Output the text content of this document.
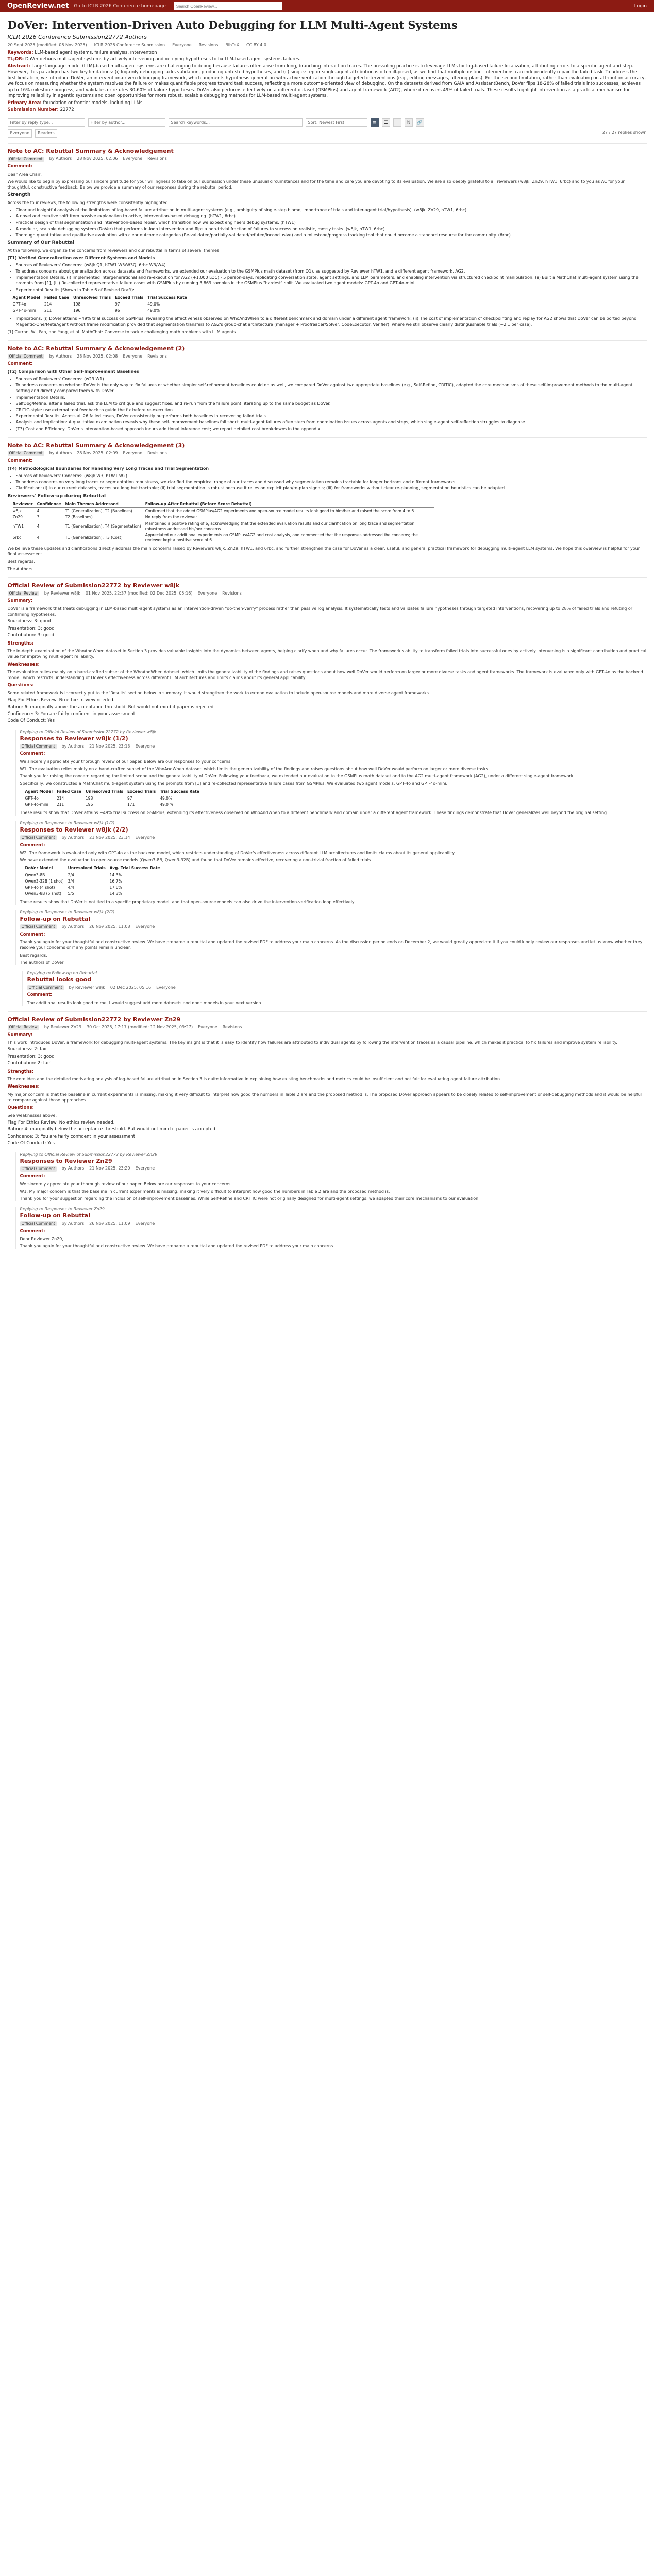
OpenReview.net Go to ICLR 2026 Conference homepage
Search OpenReview...	Login
DoVer: Intervention-Driven Auto Debugging for LLM Multi-Agent Systems
ICLR 2026 Conference Submission22772 Authors
20 Sept 2025 (modified: 06 Nov 2025) ICLR 2026 Conference Submission Everyone Revisions BibTeX CC BY 4.0
Keywords: LLM-based agent systems, failure analysis, intervention
TL;DR: DoVer debugs multi-agent systems by actively intervening and verifying hypotheses to fix LLM-based agent systems failures.
Abstract: Large language model (LLM)-based multi-agent systems are challenging to debug because failures often arise from long, branching interaction traces. The prevailing practice is to leverage LLMs for log-based failure localization, attributing errors to a specific agent and step. However, this paradigm has two key limitations: (i) log-only debugging lacks validation, producing untested hypotheses, and (ii) single-step or single-agent attribution is often ill-posed, as we find that multiple distinct interventions can independently repair the failed task. To address the first limitation, we introduce DoVer, an intervention-driven debugging framework, which augments hypothesis generation with active verification through targeted interventions (e.g., editing messages, altering plans). For the second limitation, rather than evaluating on attribution accuracy, we focus on measuring whether the system resolves the failure or makes quantifiable progress toward task success, reflecting a more outcome-oriented view of debugging. On the datasets derived from GAIA and AssistantBench, DoVer flips 18-28% of failed trials into successes, achieves up to 16% milestone progress, and validates or refutes 30-60% of failure hypotheses. DoVer also performs effectively on a different dataset (GSMPlus) and agent framework (AG2), where it recovers 49% of failed trials. These results highlight intervention as a practical mechanism for improving reliability in agentic systems and open opportunities for more robust, scalable debugging methods for LLM-based multi-agent systems.
Primary Area: foundation or frontier models, including LLMs
Submission Number: 22772
Filter by reply type...	Filter by author...	Search keywords...	Sort: Newest First	≡	☰	⋮	⇅	🔗
Everyone	Readers	27 / 27 replies shown
Note to AC: Rebuttal Summary & Acknowledgement
Official Comment	by Authors 28 Nov 2025, 02:06 Everyone Revisions
Comment:
Dear Area Chair,
We would like to begin by expressing our sincere gratitude for your willingness to take on our submission under these unusual circumstances and for the time and care you are devoting to its evaluation. We are also deeply grateful to all reviewers (w8jk, Zn29, hTW1, 6rbc) and to you as AC for your thoughtful, constructive feedback. Below we provide a summary of our responses during the rebuttal period.
Strength
Across the four reviews, the following strengths were consistently highlighted:
• Clear and insightful analysis of the limitations of log-based failure attribution in multi-agent systems (e.g., ambiguity of single-step blame, importance of trials and inter-agent trial/hypothesis). (w8jk, Zn29, hTW1, 6rbc)
• A novel and creative shift from passive explanation to active, intervention-based debugging. (hTW1, 6rbc)
• Practical design of trial segmentation and intervention-based repair, which transition how we expect engineers debug systems. (hTW1)
• A modular, scalable debugging system (DoVer) that performs in-loop intervention and flips a non-trivial fraction of failures to success on realistic, messy tasks. (w8jk, hTW1, 6rbc)
• Thorough quantitative and qualitative evaluation with clear outcome categories (Re-validated/partially-validated/refuted/inconclusive) and a milestone/progress tracking tool that could become a standard resource for the community. (6rbc)
Summary of Our Rebuttal
At the following, we organize the concerns from reviewers and our rebuttal in terms of several themes:
(T1) Verified Generalization over Different Systems and Models
• Sources of Reviewers' Concerns: (w8jk Q1, hTW1 W3/W3Q, 6rbc W3/W4)
• To address concerns about generalization across datasets and frameworks, we extended our evaluation to the GSMPlus math dataset (from Q1), as suggested by Reviewer hTW1, and a different agent framework, AG2.
• Implementation Details: (i) Implemented intergenerational and re-execution for AG2 (+1,000 LOC) - 5 person-days, replicating conversation state, agent settings, and LLM parameters, and enabling intervention via structured checkpoint manipulation; (ii) Built a MathChat multi-agent system using the prompts from [1], (iii) Re-collected representative failure cases with GSMPlus by running 3,869 samples in the GSMPlus "hardest" split. We evaluated two agent models: GPT-4o and GPT-4o-mini.
• Experimental Results (Shown in Table 6 of Revised Draft):
Agent Model	Failed Case	Unresolved Trials	Exceed Trials	Trial Success Rate
GPT-4o	214	198	97	49.0%
GPT-4o-mini	211	196	96	49.0%
• Implications: (i) DoVer attains ~49% trial success on GSMPlus, revealing the effectiveness observed on WhoAndWhen to a different benchmark and domain under a different agent framework. (ii) The cost of implementation of checkpointing and replay for AG2 shows that DoVer can be ported beyond Magentic-One/MetaAgent without frame modification provided that segmentation transfers to AG2's group-chat architecture (manager + Proofreader/Solver, CodeExecutor, Verifier), where we still observe clearly distinguishable trials (~2.1 per case).
[1] Curran, Wi, Fan, and Yang, et al. MathChat: Converse to tackle challenging math problems with LLM agents.
Note to AC: Rebuttal Summary & Acknowledgement (2)
Official Comment	by Authors 28 Nov 2025, 02:08 Everyone Revisions
Comment:
(T2) Comparison with Other Self-Improvement Baselines
• Sources of Reviewers' Concerns: (w29 W1)
• To address concerns on whether DoVer is the only way to fix failures or whether simpler self-refinement baselines could do as well, we compared DoVer against two appropriate baselines (e.g., Self-Refine, CRITIC), adapted the core mechanisms of these self-improvement methods to the multi-agent setting and directly compared them with DoVer.
• Implementation Details:
• SelfDbg/Refine: after a failed trial, ask the LLM to critique and suggest fixes, and re-run from the failure point, iterating up to the same budget as DoVer.
• CRITIC-style: use external tool feedback to guide the fix before re-execution.
• Experimental Results: Across all 26 failed cases, DoVer consistently outperforms both baselines in recovering failed trials.
• Analysis and Implication: A qualitative examination reveals why these self-improvement baselines fall short: multi-agent failures often stem from coordination issues across agents and steps, which single-agent self-reflection struggles to diagnose.
• (T3) Cost and Efficiency: DoVer's intervention-based approach incurs additional inference cost; we report detailed cost breakdowns in the appendix.
Note to AC: Rebuttal Summary & Acknowledgement (3)
Official Comment	by Authors 28 Nov 2025, 02:09 Everyone Revisions
Comment:
(T4) Methodological Boundaries for Handling Very Long Traces and Trial Segmentation
• Sources of Reviewers' Concerns: (w8jk W3, hTW1 W2)
• To address concerns on very long traces or segmentation robustness, we clarified the empirical range of our traces and discussed why segmentation remains tractable for longer horizons and different frameworks.
• Clarification: (i) In our current datasets, traces are long but tractable; (ii) trial segmentation is robust because it relies on explicit plan/re-plan signals; (iii) for frameworks without clear re-planning, segmentation heuristics can be adapted.
Reviewers' Follow-up during Rebuttal
Reviewer	Confidence	Main Themes Addressed	Follow-up After Rebuttal (Before Score Rebuttal)
w8jk	4	T1 (Generalization), T2 (Baselines)	Confirmed that the added GSMPlus/AG2 experiments and open-source model results look good to him/her and raised the score from 4 to 6.
Zn29	3	T2 (Baselines)	No reply from the reviewer.
hTW1	4	T1 (Generalization), T4 (Segmentation)	Maintained a positive rating of 6, acknowledging that the extended evaluation results and our clarification on long trace and segmentation robustness addressed his/her concerns.
6rbc	4	T1 (Generalization), T3 (Cost)	Appreciated our additional experiments on GSMPlus/AG2 and cost analysis, and commented that the responses addressed the concerns; the reviewer kept a positive score of 6.
We believe these updates and clarifications directly address the main concerns raised by Reviewers w8jk, Zn29, hTW1, and 6rbc, and further strengthen the case for DoVer as a clear, useful, and general practical framework for debugging multi-agent LLM systems. We hope this overview is helpful for your final assessment.
Best regards,
The Authors
Official Review of Submission22772 by Reviewer w8jk
Official Review	by Reviewer w8jk 01 Nov 2025, 22:37 (modified: 02 Dec 2025, 05:16) Everyone Revisions
Summary:
DoVer is a framework that treats debugging in LLM-based multi-agent systems as an intervention-driven "do-then-verify" process rather than passive log analysis. It systematically tests and validates failure hypotheses through targeted interventions, recovering up to 28% of failed trials and refuting or confirming hypotheses.
Soundness: 3: good
Presentation: 3: good
Contribution: 3: good
Strengths:
The in-depth examination of the WhoAndWhen dataset in Section 3 provides valuable insights into the dynamics between agents, helping clarify when and why failures occur. The framework's ability to transform failed trials into successful ones by actively intervening is a significant contribution and practical value for improving multi-agent reliability.
Weaknesses:
The evaluation relies mainly on a hand-crafted subset of the WhoAndWhen dataset, which limits the generalizability of the findings and raises questions about how well DoVer would perform on larger or more diverse tasks and agent frameworks. The framework is evaluated only with GPT-4o as the backend model, which restricts understanding of DoVer's effectiveness across different LLM architectures and limits claims about its general applicability.
Questions:
Some related framework is incorrectly put to the 'Results' section below in summary. It would strengthen the work to extend evaluation to include open-source models and more diverse agent frameworks.
Flag For Ethics Review: No ethics review needed.
Rating: 6: marginally above the acceptance threshold. But would not mind if paper is rejected
Confidence: 3: You are fairly confident in your assessment.
Code Of Conduct: Yes
Replying to Official Review of Submission22772 by Reviewer w8jk
Responses to Reviewer w8jk (1/2)
Official Comment	by Authors 21 Nov 2025, 23:13 Everyone
Comment:
We sincerely appreciate your thorough review of our paper. Below are our responses to your concerns:
W1. The evaluation relies mainly on a hand-crafted subset of the WhoAndWhen dataset, which limits the generalizability of the findings and raises questions about how well DoVer would perform on larger or more diverse tasks.
Thank you for raising the concern regarding the limited scope and the generalizability of DoVer. Following your feedback, we extended our evaluation to the GSMPlus math dataset and to the AG2 multi-agent framework (AG2), under a different single-agent framework.
Specifically, we constructed a MathChat multi-agent system using the prompts from [1] and re-collected representative failure cases from GSMPlus. We evaluated two agent models: GPT-4o and GPT-4o-mini.
Agent Model	Failed Case	Unresolved Trials	Exceed Trials	Trial Success Rate
GPT-4o	214	198	97	49.0%
GPT-4o-mini	211	196	171	49.0 %
These results show that DoVer attains ~49% trial success on GSMPlus, extending its effectiveness observed on WhoAndWhen to a different benchmark and domain under a different agent framework. These findings demonstrate that DoVer generalizes well beyond the original setting.
Replying to Responses to Reviewer w8jk (1/2)
Responses to Reviewer w8jk (2/2)
Official Comment	by Authors 21 Nov 2025, 23:14 Everyone
Comment:
W2. The framework is evaluated only with GPT-4o as the backend model, which restricts understanding of DoVer's effectiveness across different LLM architectures and limits claims about its general applicability.
We have extended the evaluation to open-source models (Qwen3-8B, Qwen3-32B) and found that DoVer remains effective, recovering a non-trivial fraction of failed trials.
DoVer Model	Unresolved Trials	Avg. Trial Success Rate
Qwen3-8B	2/4	14.3%
Qwen3-32B (1 shot)	3/4	16.7%
GPT-4o (4 shot)	4/4	17.6%
Qwen3-8B (5 shot)	5/5	14.3%
These results show that DoVer is not tied to a specific proprietary model, and that open-source models can also drive the intervention-verification loop effectively.
Replying to Responses to Reviewer w8jk (2/2)
Follow-up on Rebuttal
Official Comment	by Authors 26 Nov 2025, 11:08 Everyone
Comment:
Thank you again for your thoughtful and constructive review. We have prepared a rebuttal and updated the revised PDF to address your main concerns. As the discussion period ends on December 2, we would greatly appreciate it if you could kindly review our responses and let us know whether they resolve your concerns or if any points remain unclear.
Best regards,
The authors of DoVer
Replying to Follow-up on Rebuttal
Rebuttal looks good
Official Comment	by Reviewer w8jk 02 Dec 2025, 05:16 Everyone
Comment:
The additional results look good to me, I would suggest add more datasets and open models in your next version.
Official Review of Submission22772 by Reviewer Zn29
Official Review	by Reviewer Zn29 30 Oct 2025, 17:17 (modified: 12 Nov 2025, 09:27) Everyone Revisions
Summary:
This work introduces DoVer, a framework for debugging multi-agent systems. The key insight is that it is easy to identify how failures are attributed to individual agents by following the intervention traces as a causal pipeline, which makes it practical to fix failures and improve system reliability.
Soundness: 2: fair
Presentation: 3: good
Contribution: 2: fair
Strengths:
The core idea and the detailed motivating analysis of log-based failure attribution in Section 3 is quite informative in explaining how existing benchmarks and metrics could be insufficient and not fair for evaluating agent failure attribution.
Weaknesses:
My major concern is that the baseline in current experiments is missing, making it very difficult to interpret how good the numbers in Table 2 are and the proposed method is. The proposed DoVer approach appears to be closely related to self-improvement or self-debugging methods and it would be helpful to compare against those approaches.
Questions:
See weaknesses above.
Flag For Ethics Review: No ethics review needed.
Rating: 4: marginally below the acceptance threshold. But would not mind if paper is accepted
Confidence: 3: You are fairly confident in your assessment.
Code Of Conduct: Yes
Replying to Official Review of Submission22772 by Reviewer Zn29
Responses to Reviewer Zn29
Official Comment	by Authors 21 Nov 2025, 23:20 Everyone
Comment:
We sincerely appreciate your thorough review of our paper. Below are our responses to your concerns:
W1. My major concern is that the baseline in current experiments is missing, making it very difficult to interpret how good the numbers in Table 2 are and the proposed method is.
Thank you for your suggestion regarding the inclusion of self-improvement baselines. While Self-Refine and CRITIC were not originally designed for multi-agent settings, we adapted their core mechanisms to our evaluation.
Replying to Responses to Reviewer Zn29
Follow-up on Rebuttal
Official Comment	by Authors 26 Nov 2025, 11:09 Everyone
Comment:
Dear Reviewer Zn29,
Thank you again for your thoughtful and constructive review. We have prepared a rebuttal and updated the revised PDF to address your main concerns.
